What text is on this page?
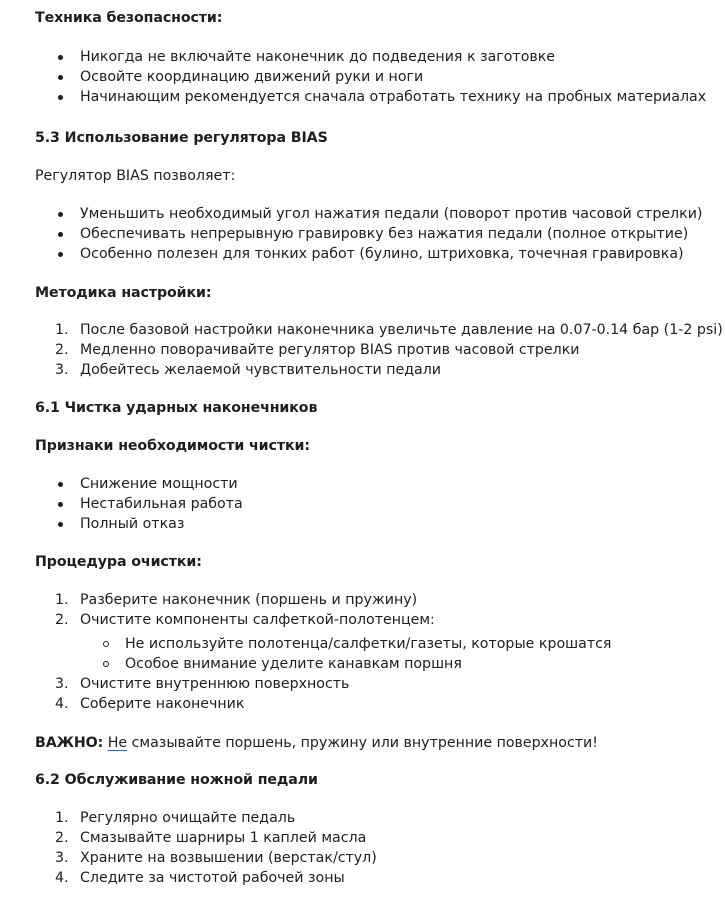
Техника безопасности:
Никогда не включайте наконечник до подведения к заготовке
Освойте координацию движений руки и ноги
Начинающим рекомендуется сначала отработать технику на пробных материалах
5.3 Использование регулятора BIAS
Регулятор BIAS позволяет:
Уменьшить необходимый угол нажатия педали (поворот против часовой стрелки)
Обеспечивать непрерывную гравировку без нажатия педали (полное открытие)
Особенно полезен для тонких работ (булино, штриховка, точечная гравировка)
Методика настройки:
1. После базовой настройки наконечника увеличьте давление на 0.07-0.14 бар (1-2 psi)
2. Медленно поворачивайте регулятор BIAS против часовой стрелки
3. Добейтесь желаемой чувствительности педали
6.1 Чистка ударных наконечников
Признаки необходимости чистки:
Снижение мощности
Нестабильная работа
Полный отказ
Процедура очистки:
1. Разберите наконечник (поршень и пружину)
2. Очистите компоненты салфеткой-полотенцем:
Не используйте полотенца/салфетки/газеты, которые крошатся
Особое внимание уделите канавкам поршня
3. Очистите внутреннюю поверхность
4. Соберите наконечник
ВАЖНО: Не смазывайте поршень, пружину или внутренние поверхности!
6.2 Обслуживание ножной педали
1. Регулярно очищайте педаль
2. Смазывайте шарниры 1 каплей масла
3. Храните на возвышении (верстак/стул)
4. Следите за чистотой рабочей зоны
